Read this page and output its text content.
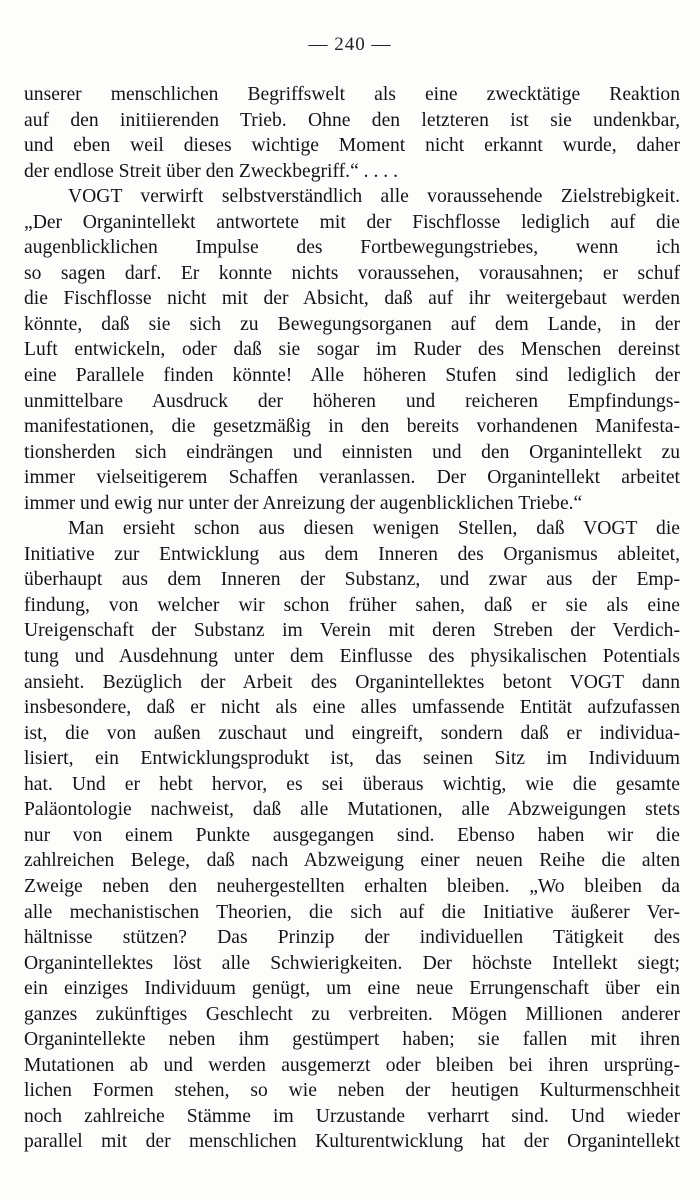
— 240 —
unserer menschlichen Begriffswelt als eine zwecktätige Reaktion
auf den initiierenden Trieb. Ohne den letzteren ist sie undenkbar,
und eben weil dieses wichtige Moment nicht erkannt wurde, daher
der endlose Streit über den Zweckbegriff.“ . . . .
VOGT verwirft selbstverständlich alle voraussehende Zielstrebigkeit.
„Der Organintellekt antwortete mit der Fischflosse lediglich auf die
augenblicklichen Impulse des Fortbewegungstriebes, wenn ich
so sagen darf. Er konnte nichts voraussehen, vorausahnen; er schuf
die Fischflosse nicht mit der Absicht, daß auf ihr weitergebaut werden
könnte, daß sie sich zu Bewegungsorganen auf dem Lande, in der
Luft entwickeln, oder daß sie sogar im Ruder des Menschen dereinst
eine Parallele finden könnte! Alle höheren Stufen sind lediglich der
unmittelbare Ausdruck der höheren und reicheren Empfindungs-
manifestationen, die gesetzmäßig in den bereits vorhandenen Manifesta-
tionsherden sich eindrängen und einnisten und den Organintellekt zu
immer vielseitigerem Schaffen veranlassen. Der Organintellekt arbeitet
immer und ewig nur unter der Anreizung der augenblicklichen Triebe.“
Man ersieht schon aus diesen wenigen Stellen, daß VOGT die
Initiative zur Entwicklung aus dem Inneren des Organismus ableitet,
überhaupt aus dem Inneren der Substanz, und zwar aus der Emp-
findung, von welcher wir schon früher sahen, daß er sie als eine
Ureigenschaft der Substanz im Verein mit deren Streben der Verdich-
tung und Ausdehnung unter dem Einflusse des physikalischen Potentials
ansieht. Bezüglich der Arbeit des Organintellektes betont VOGT dann
insbesondere, daß er nicht als eine alles umfassende Entität aufzufassen
ist, die von außen zuschaut und eingreift, sondern daß er individua-
lisiert, ein Entwicklungsprodukt ist, das seinen Sitz im Individuum
hat. Und er hebt hervor, es sei überaus wichtig, wie die gesamte
Paläontologie nachweist, daß alle Mutationen, alle Abzweigungen stets
nur von einem Punkte ausgegangen sind. Ebenso haben wir die
zahlreichen Belege, daß nach Abzweigung einer neuen Reihe die alten
Zweige neben den neuhergestellten erhalten bleiben. „Wo bleiben da
alle mechanistischen Theorien, die sich auf die Initiative äußerer Ver-
hältnisse stützen? Das Prinzip der individuellen Tätigkeit des
Organintellektes löst alle Schwierigkeiten. Der höchste Intellekt siegt;
ein einziges Individuum genügt, um eine neue Errungenschaft über ein
ganzes zukünftiges Geschlecht zu verbreiten. Mögen Millionen anderer
Organintellekte neben ihm gestümpert haben; sie fallen mit ihren
Mutationen ab und werden ausgemerzt oder bleiben bei ihren ursprüng-
lichen Formen stehen, so wie neben der heutigen Kulturmenschheit
noch zahlreiche Stämme im Urzustande verharrt sind. Und wieder
parallel mit der menschlichen Kulturentwicklung hat der Organintellekt
